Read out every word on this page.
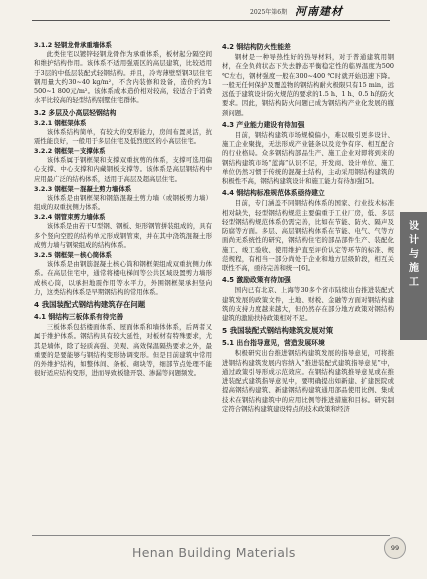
2025年第6期 河南建材
设计与施工
3.1.2 轻钢龙骨承重墙体系

此类住宅以镀锌轻钢龙骨作为承重体系，板材起分隔空间和维护结构作用。该体系不适用强震区的高层建筑，比较适用于3层的中低层装配式轻钢结构。并且，冷弯薄壁型钢3层住宅钢用量大约30~40 kg/m²，不含内装修和设备，造价约为1 500~1 800元/m²。该体系成本造价相对较高，较适合于消费水平比较高的轻型结构别墅住宅群体。

3.2 多层及小高层轻钢结构
3.2.1 钢框架体系

该体系结构简单，有较大的变形能力，房间布置灵活，抗震性能良好，一般用于多层住宅及低烈度区的小高层住宅。

3.2.2 钢框架－支撑体系

该体系属于钢框架和支撑双重抗剪的体系，支撑可选用偏心支撑、中心支撑和内藏钢板支撑等。该体系是高层钢结构中应用最广泛的结构体系，适用于高层及超高层住宅。

3.2.3 钢框架－混凝土剪力墙体系

该体系是由钢框架和钢筋混凝土剪力墙（或钢板剪力墙）组成的双重抗侧力体系。

3.2.4 钢管束剪力墙体系

该体系是由若干U型钢、钢板、矩形钢管拼装组成的，具有多个竖向空腔的结构单元形成钢管束，并在其中浇筑混凝土形成剪力墙与钢梁组成的结构体系。

3.2.5 钢框架－核心筒体系

该体系是由钢筋混凝土核心筒和钢框架组成双重抗侧力体系。在高层住宅中，通常将楼电梯间等公共区域设置剪力墙形成核心筒，以承担地震作用等水平力，外围钢框架承担竖向力，这类结构体系是早期钢结构的常用体系。

4 我国装配式钢结构建筑存在问题
4.1 钢结构三板体系有待完善

三板体系包括楼面体系、屋面体系和墙体体系，后两者又属于维护体系。钢结构具有较大延性，对板材有特殊要求，尤其是墙体，除了轻质高强、美观、高效保温隔热要求之外，最重要的是要能够与钢结构变形协调变形。但是目前建筑中常用的外维护结构，如整体间、条板、砌块等，细部节点处理不能很好适应结构变形，进而导致板缝开裂、渗漏等问题频发。

4.2 钢结构防火性能差

钢材是一种导热性好的热导材料，对于普通建筑用钢材，在全负荷状态下失去静态平衡稳定性的临界温度为500 ℃左右，钢材强度一般在300~400 ℃时就开始迅速下降。一般无任何保护及覆盖物的钢结构耐火极限只有15 min，远远低于建筑设计防火规范的要求的1.5 h、1 h、0.5 h的防火要求。因此，钢结构防火问题已成为钢结构产业化发展的瓶颈问题。

4.3 产业能力建设有待加强

目前，钢结构建筑市场规模偏小，难以吸引更多设计、施工企业聚拢，无法形成产业链条以及竞争有序、相互配合的行业格局。众多钢结构部品生产、施工企业对即将到来的钢结构建筑市场“蓝海”认识不足，开发商、设计单位、施工单位仍然习惯于传统的混凝土结构，主动采用钢结构建筑的积极性不高，钢结构建筑设计和施工能力有待加强[5]。

4.4 钢结构标准规范体系亟待建立

目前，专门涵盖不同钢结构体系的国家、行业技术标准相对缺失，轻型钢结构规范主要偏重于工业厂房，低、多层轻型钢结构规范体系仍需完善，比如在节能、防火、隔声及防腐等方面。多层、高层钢结构体系在节能、电气、气等方面尚无系统性的研究，钢结构住宅的部品部件生产、装配化施工、竣工验收、使用维护直至评价认定等环节的标准、规范规程，有相当一部分尚处于企业和地方层级阶段，相互关联性不高，亟待完善和统一[6]。

4.5 激励政策有待加强

国内已有北京、上海等30多个省市陆续出台推进装配式建筑发展的政策文件，土地、财税、金融等方面对钢结构建筑的支持力度越来越大，但仍然存在部分地方政策对钢结构建筑的激励扶持政策相对不足。

5 我国装配式钢结构建筑发展对策
5.1 出台指导意见，营造发展环境

积极研究出台推进钢结构建筑发展的指导意见，可将推进钢结构建筑发展内容纳入“推进装配式建筑指导意见”中，通过政策引导形成示范效应。在钢结构建筑推导意见或在推进装配式建筑指导意见中，要明确提出如新建、扩建医院或提高钢结构建筑、新建钢结构建筑通用部品使用比例、集成技术在钢结构建筑中的应用比例等推进措施和目标。研究制定符合钢结构建筑建设特点的技术政策和经济

Henan Building Materials	99
